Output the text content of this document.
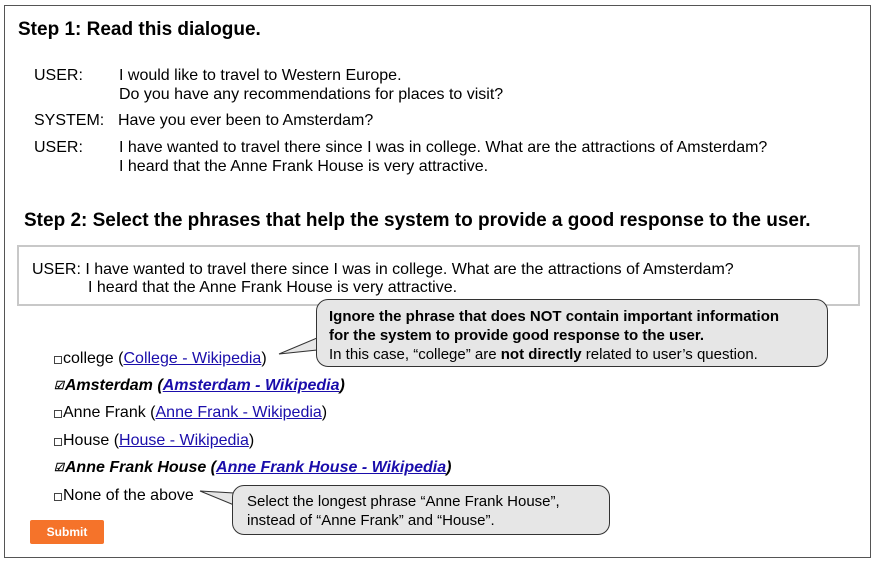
Step 1: Read this dialogue.
USER: I would like to travel to Western Europe.
Do you have any recommendations for places to visit?
SYSTEM: Have you ever been to Amsterdam?
USER: I have wanted to travel there since I was in college. What are the attractions of Amsterdam?
I heard that the Anne Frank House is very attractive.
Step 2: Select the phrases that help the system to provide a good response to the user.
USER: I have wanted to travel there since I was in college. What are the attractions of Amsterdam?
I heard that the Anne Frank House is very attractive.
college ( College - Wikipedia )
☑ Amsterdam ( Amsterdam - Wikipedia )
Anne Frank ( Anne Frank - Wikipedia )
House ( House - Wikipedia )
☑ Anne Frank House ( Anne Frank House - Wikipedia )
None of the above
Submit
Ignore the phrase that does NOT contain important information
for the system to provide good response to the user.
In this case, “college” are not directly related to user’s question.
Select the longest phrase “Anne Frank House”,
instead of “Anne Frank” and “House”.
